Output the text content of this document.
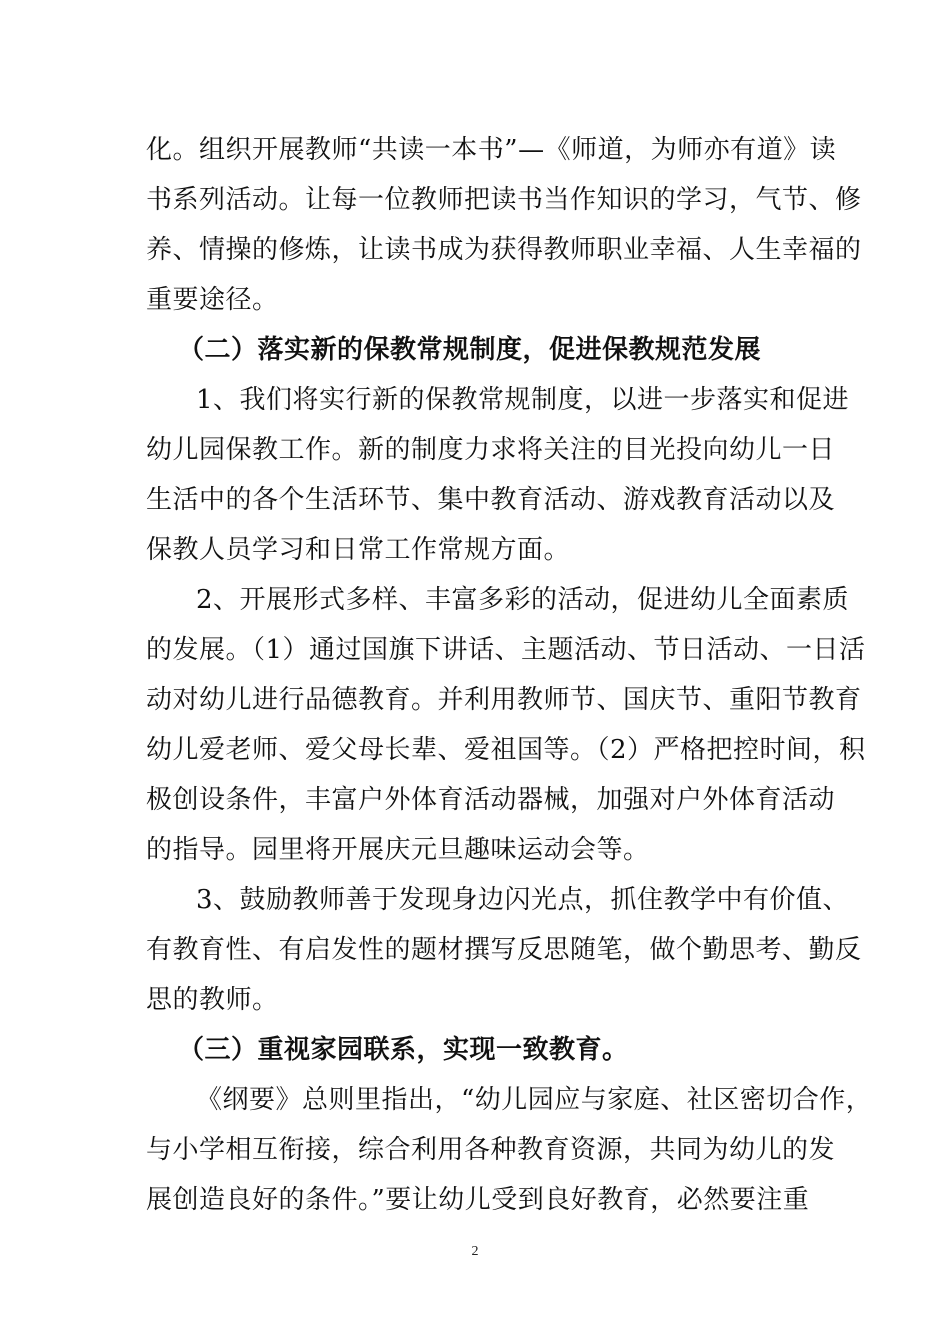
化。组织开展教师“共读一本书”—《师道，为师亦有道》读
书系列活动。让每一位教师把读书当作知识的学习，气节、修
养、情操的修炼，让读书成为获得教师职业幸福、人生幸福的
重要途径。
（二）落实新的保教常规制度，促进保教规范发展
1、我们将实行新的保教常规制度，以进一步落实和促进
幼儿园保教工作。新的制度力求将关注的目光投向幼儿一日
生活中的各个生活环节、集中教育活动、游戏教育活动以及
保教人员学习和日常工作常规方面。
2、开展形式多样、丰富多彩的活动，促进幼儿全面素质
的发展。（1）通过国旗下讲话、主题活动、节日活动、一日活
动对幼儿进行品德教育。并利用教师节、国庆节、重阳节教育
幼儿爱老师、爱父母长辈、爱祖国等。（2）严格把控时间，积
极创设条件，丰富户外体育活动器械，加强对户外体育活动
的指导。园里将开展庆元旦趣味运动会等。
3、鼓励教师善于发现身边闪光点，抓住教学中有价值、
有教育性、有启发性的题材撰写反思随笔，做个勤思考、勤反
思的教师。
（三）重视家园联系，实现一致教育。
《纲要》总则里指出，“幼儿园应与家庭、社区密切合作，
与小学相互衔接，综合利用各种教育资源，共同为幼儿的发
展创造良好的条件。”要让幼儿受到良好教育，必然要注重
2
